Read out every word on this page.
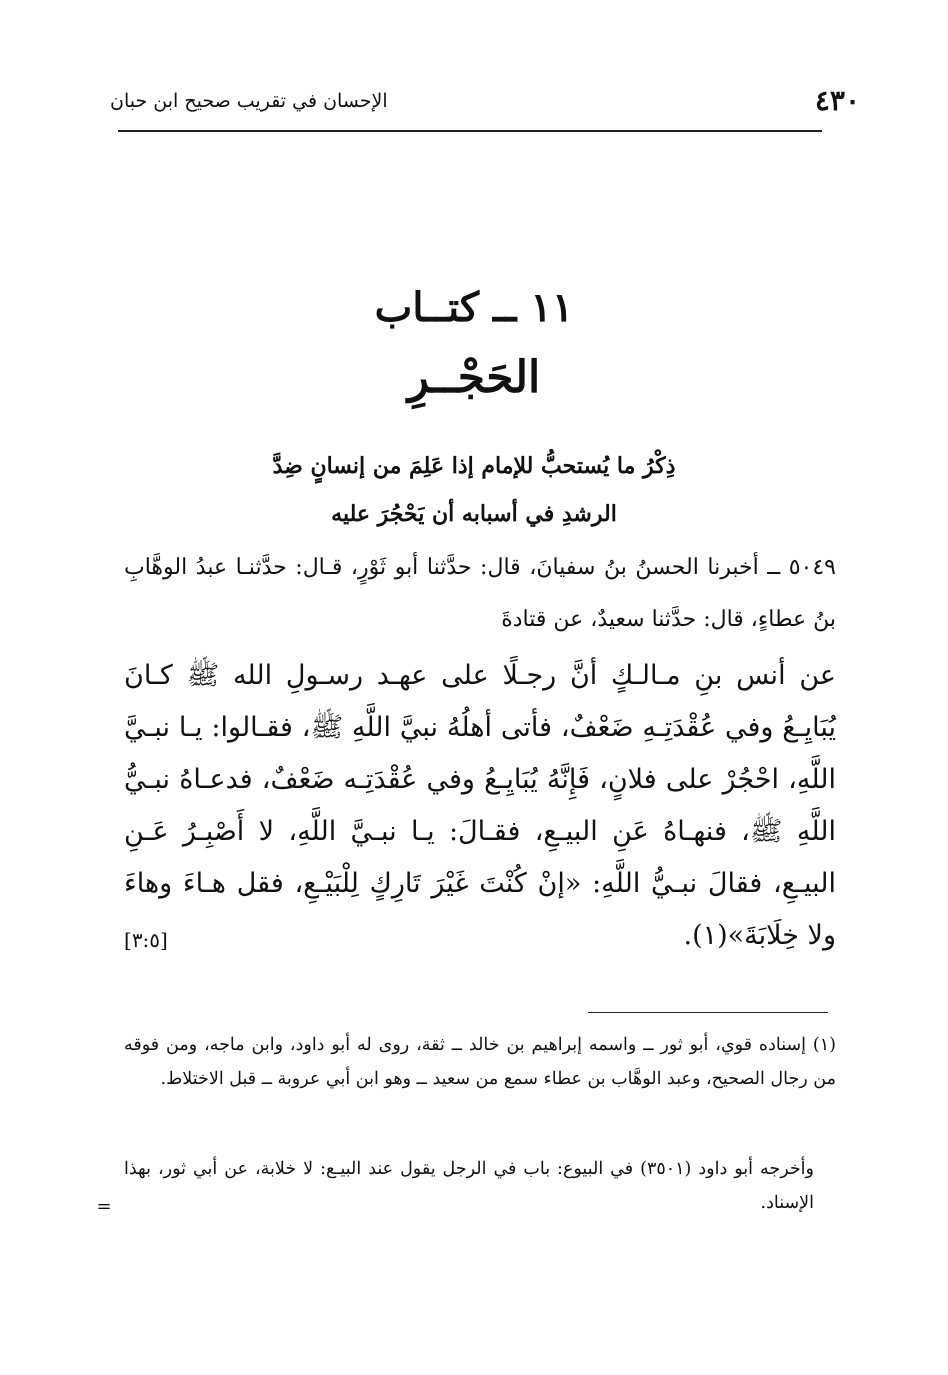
٤٣٠
الإحسان في تقريب صحيح ابن حبان
١١ ــ كتــاب
الحَجْــرِ
ذِكْرُ ما يُستحبُّ للإمام إذا عَلِمَ من إنسانٍ ضِدَّ
الرشدِ في أسبابه أن يَحْجُرَ عليه

٥٠٤٩ ــ أخبرنا الحسنُ بنُ سفيانَ، قال: حدَّثنا أبو ثَوْرٍ، قـال: حدَّثنـا عبدُ الوهَّابِ بنُ عطاءٍ، قال: حدَّثنا سعيدٌ، عن قتادةَ

عن أنس بنِ مـالـكٍ أنَّ رجـلًا على عهـد رسـولِ الله ﷺ كـانَ يُبَايِـعُ وفي عُقْدَتِـهِ ضَعْفٌ، فأتى أهلُهُ نبيَّ اللَّهِ ﷺ، فقـالوا: يـا نبـيَّ اللَّهِ، احْجُرْ على فلانٍ، فَإِنَّهُ يُبَايِـعُ وفي عُقْدَتِـه ضَعْفٌ، فدعـاهُ نبـيُّ اللَّهِ ﷺ، فنهـاهُ عَنِ البيـعِ، فقـالَ: يـا نبـيَّ اللَّهِ، لا أَصْبِـرُ عَـنِ البيـعِ، فقالَ نبـيُّ اللَّهِ: «إنْ كُنْتَ غَيْرَ تَارِكٍ لِلْبَيْـعِ، فقل هـاءَ وهاءَ ولا خِلَابَةَ»(١).

[٣:٥]

(١) إسناده قوي، أبو ثور ــ واسمه إبراهيم بن خالد ــ ثقة، روى له أبو داود، وابن ماجه، ومن فوقه من رجال الصحيح، وعبد الوهَّاب بن عطاء سمع من سعيد ــ وهو ابن أبي عروبة ــ قبل الاختلاط.

وأخرجه أبو داود (٣٥٠١) في البيوع: باب في الرجل يقول عند البيـع: لا خلابة، عن أبي ثور، بهذا الإسناد.

=
